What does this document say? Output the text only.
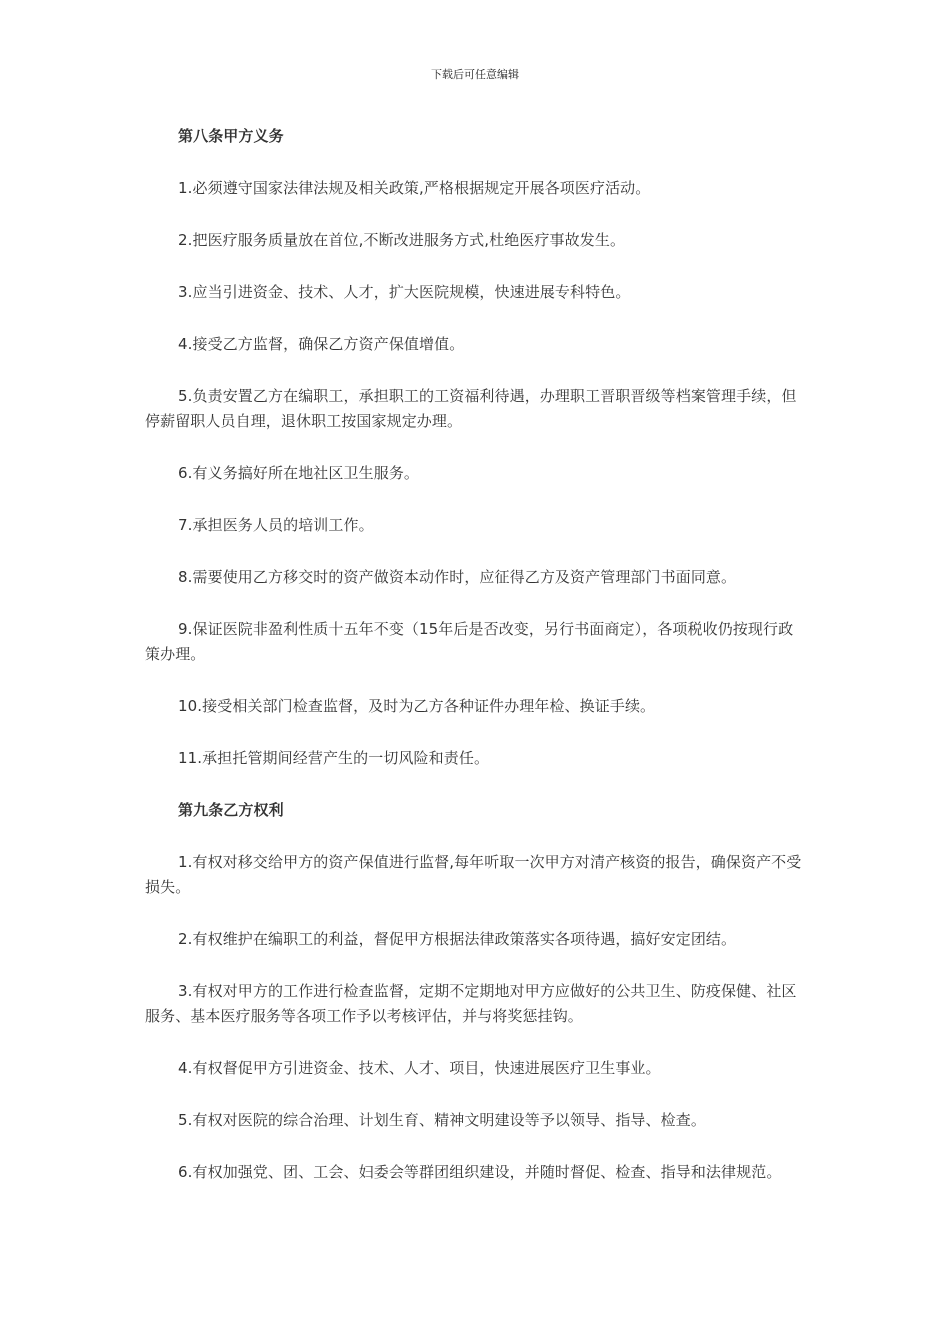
下载后可任意编辑

第八条甲方义务

1.必须遵守国家法律法规及相关政策,严格根据规定开展各项医疗活动。

2.把医疗服务质量放在首位,不断改进服务方式,杜绝医疗事故发生。

3.应当引进资金、技术、人才，扩大医院规模，快速进展专科特色。

4.接受乙方监督，确保乙方资产保值增值。

5.负责安置乙方在编职工，承担职工的工资福利待遇，办理职工晋职晋级等档案管理手续，但停薪留职人员自理，退休职工按国家规定办理。

6.有义务搞好所在地社区卫生服务。

7.承担医务人员的培训工作。

8.需要使用乙方移交时的资产做资本动作时，应征得乙方及资产管理部门书面同意。

9.保证医院非盈利性质十五年不变（15年后是否改变，另行书面商定），各项税收仍按现行政策办理。

10.接受相关部门检查监督，及时为乙方各种证件办理年检、换证手续。

11.承担托管期间经营产生的一切风险和责任。

第九条乙方权利

1.有权对移交给甲方的资产保值进行监督,每年听取一次甲方对清产核资的报告，确保资产不受损失。

2.有权维护在编职工的利益，督促甲方根据法律政策落实各项待遇，搞好安定团结。

3.有权对甲方的工作进行检查监督，定期不定期地对甲方应做好的公共卫生、防疫保健、社区服务、基本医疗服务等各项工作予以考核评估，并与将奖惩挂钩。

4.有权督促甲方引进资金、技术、人才、项目，快速进展医疗卫生事业。

5.有权对医院的综合治理、计划生育、精神文明建设等予以领导、指导、检查。

6.有权加强党、团、工会、妇委会等群团组织建设，并随时督促、检查、指导和法律规范。
